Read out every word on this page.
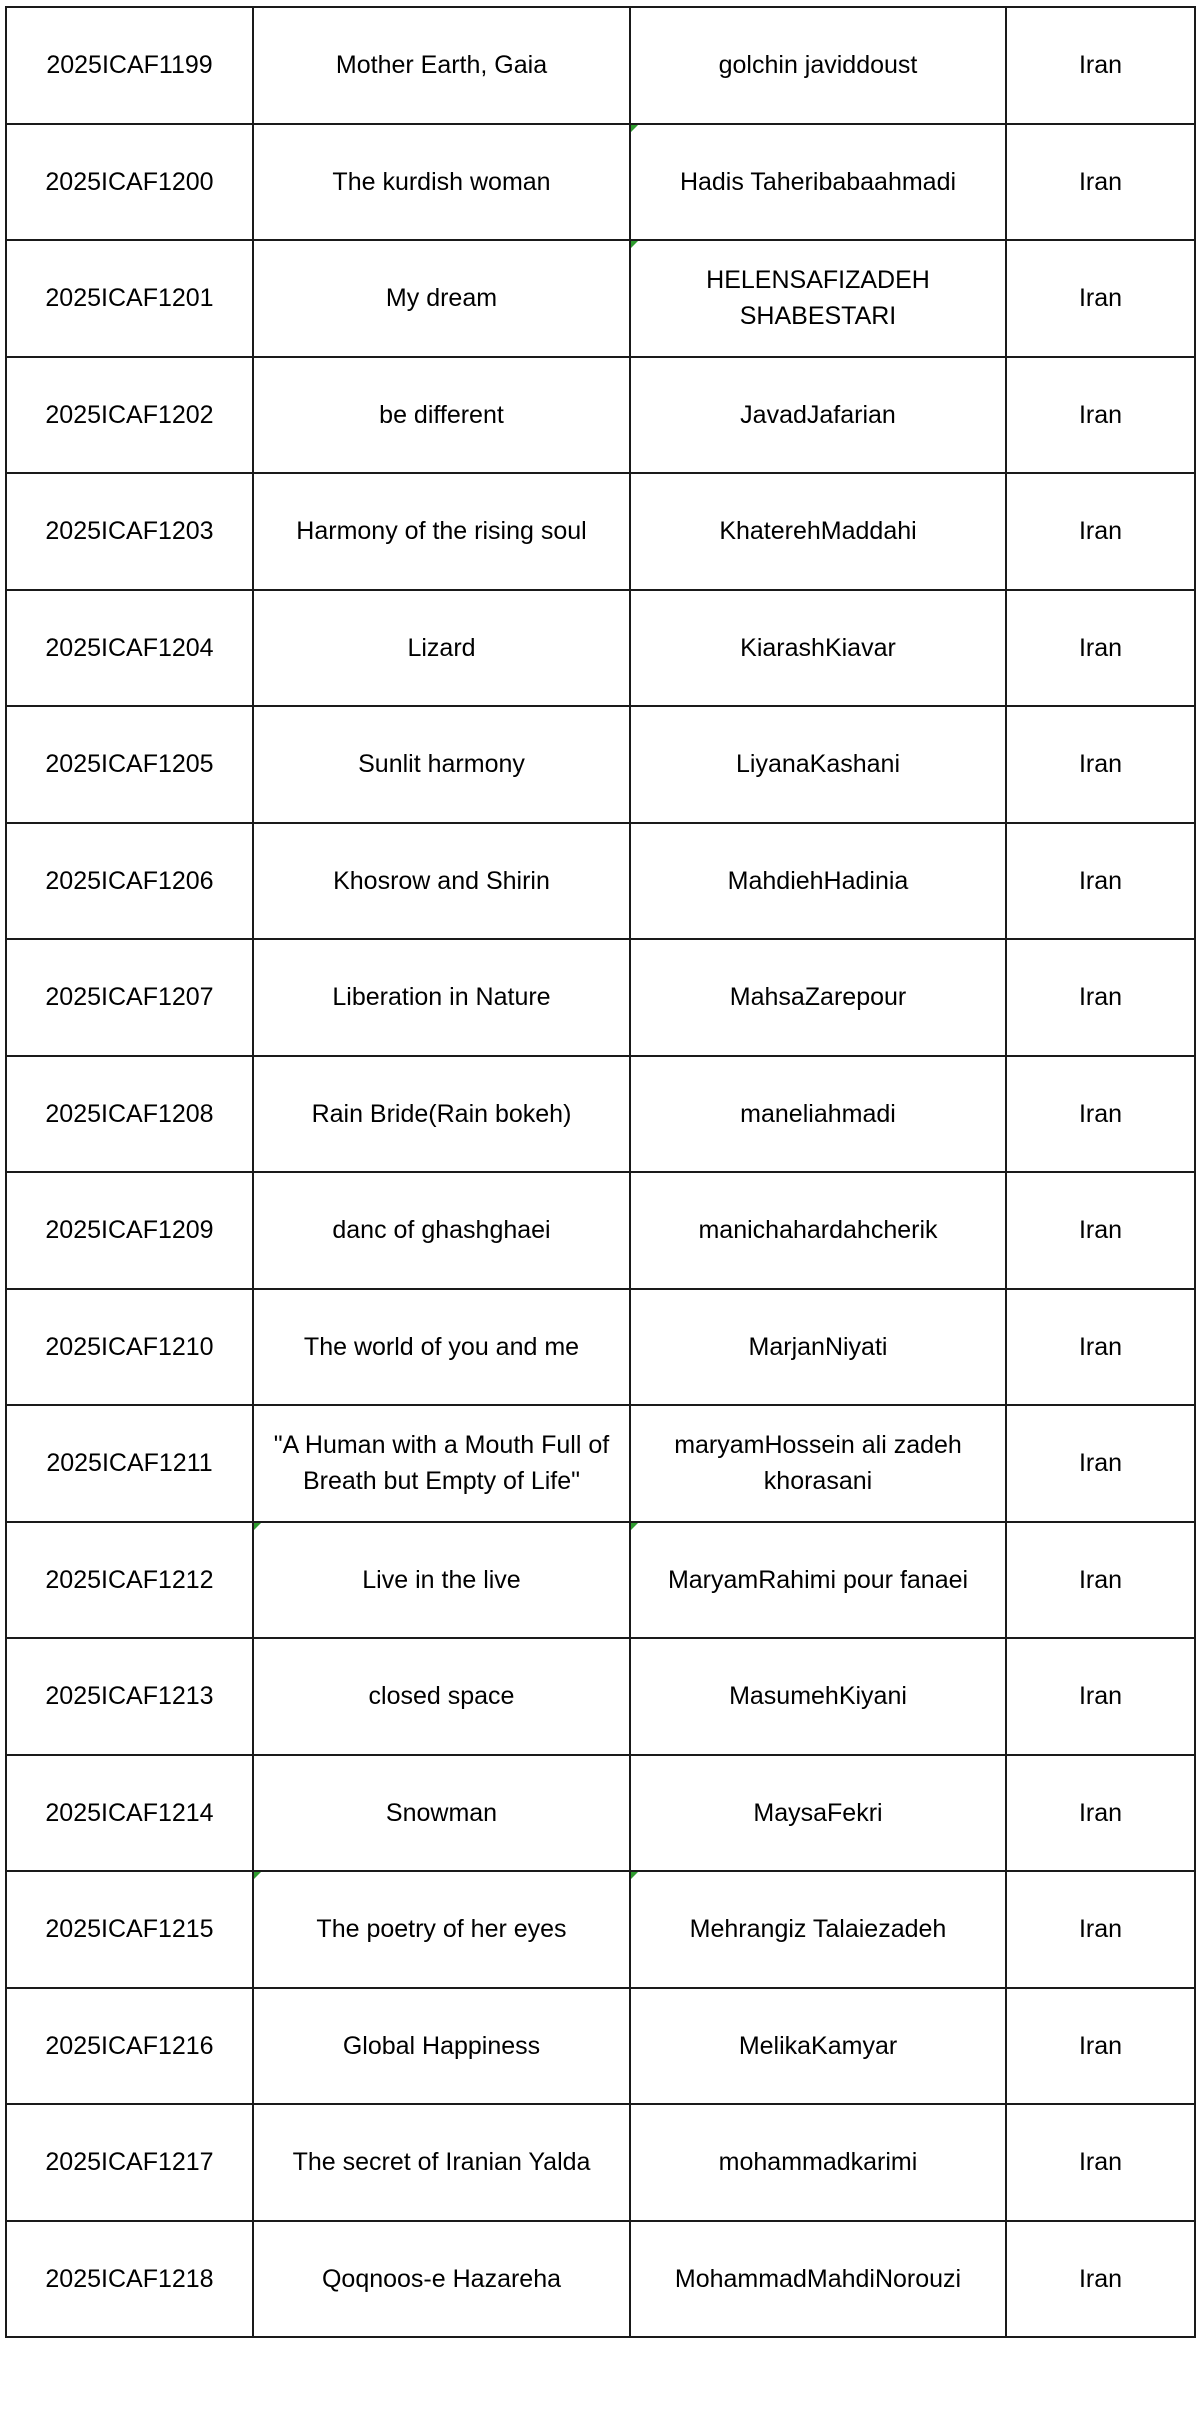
2025ICAF1199	Mother Earth, Gaia	golchin javiddoust	Iran
2025ICAF1200	The kurdish woman	Hadis Taheribabaahmadi	Iran
2025ICAF1201	My dream	HELENSAFIZADEH SHABESTARI	Iran
2025ICAF1202	be different	JavadJafarian	Iran
2025ICAF1203	Harmony of the rising soul	KhaterehMaddahi	Iran
2025ICAF1204	Lizard	KiarashKiavar	Iran
2025ICAF1205	Sunlit harmony	LiyanaKashani	Iran
2025ICAF1206	Khosrow and Shirin	MahdiehHadinia	Iran
2025ICAF1207	Liberation in Nature	MahsaZarepour	Iran
2025ICAF1208	Rain Bride(Rain bokeh)	maneliahmadi	Iran
2025ICAF1209	danc of ghashghaei	manichahardahcherik	Iran
2025ICAF1210	The world of you and me	MarjanNiyati	Iran
2025ICAF1211	"A Human with a Mouth Full of Breath but Empty of Life"	maryamHossein ali zadeh khorasani	Iran
2025ICAF1212	Live in the live	MaryamRahimi pour fanaei	Iran
2025ICAF1213	closed space	MasumehKiyani	Iran
2025ICAF1214	Snowman	MaysaFekri	Iran
2025ICAF1215	The poetry of her eyes	Mehrangiz Talaiezadeh	Iran
2025ICAF1216	Global Happiness	MelikaKamyar	Iran
2025ICAF1217	The secret of Iranian Yalda	mohammadkarimi	Iran
2025ICAF1218	Qoqnoos-e Hazareha	MohammadMahdiNorouzi	Iran
